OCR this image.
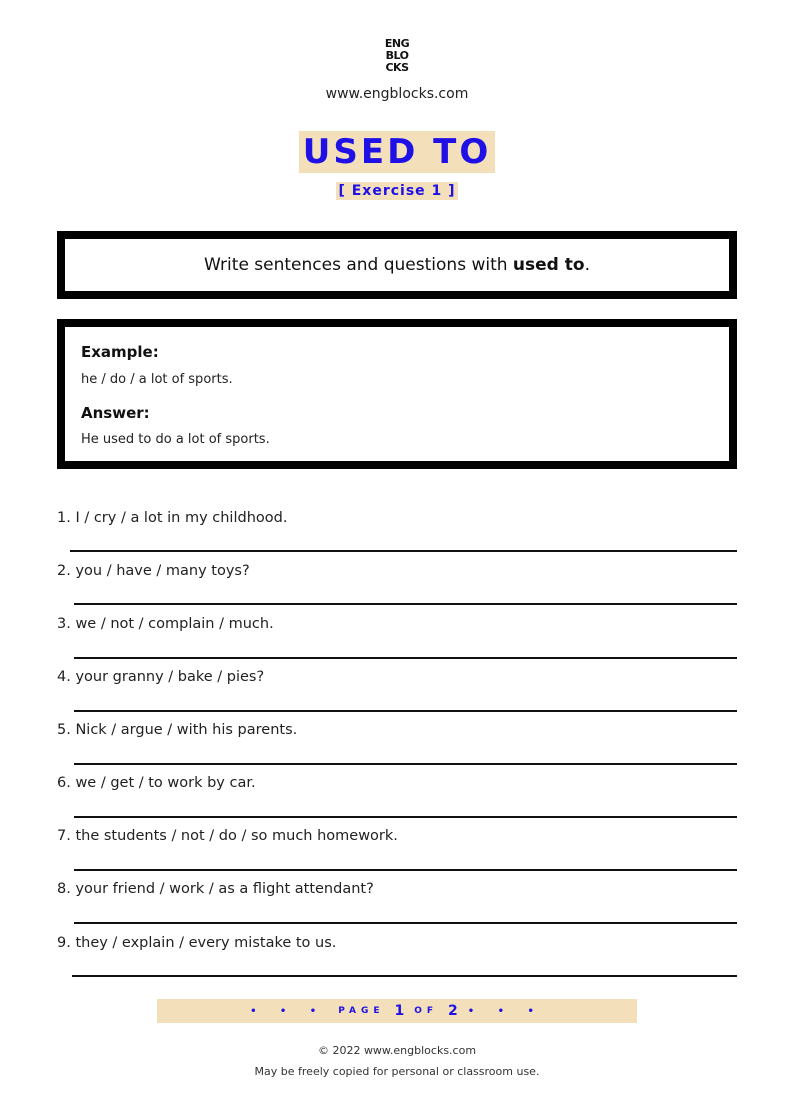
ENG
BLO
CKS
www.engblocks.com
USED TO
[ Exercise 1 ]
Write sentences and questions with used to.
Example:
he / do / a lot of sports.
Answer:
He used to do a lot of sports.
1. I / cry / a lot in my childhood.
2. you / have / many toys?
3. we / not / complain / much.
4. your granny / bake / pies?
5. Nick / argue / with his parents.
6. we / get / to work by car.
7. the students / not / do / so much homework.
8. your friend / work / as a flight attendant?
9. they / explain / every mistake to us.
• • • PAGE 1 OF 2 • • •
© 2022 www.engblocks.com
May be freely copied for personal or classroom use.
